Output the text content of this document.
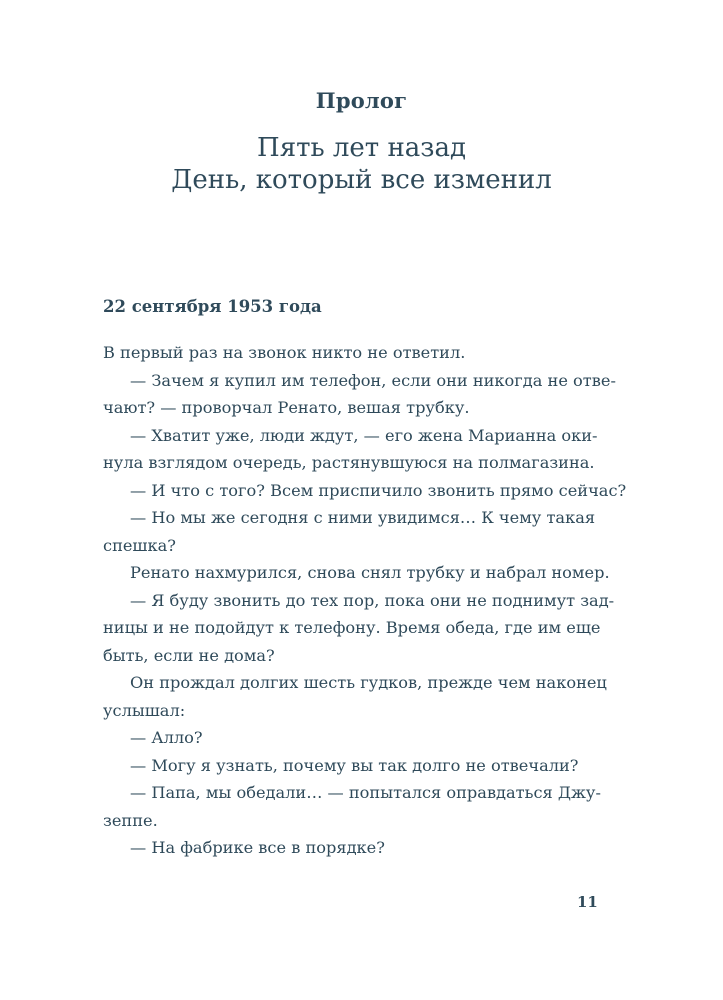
Пролог
Пять лет назад
День, который все изменил
22 сентября 1953 года
В первый раз на звонок никто не ответил.
— Зачем я купил им телефон, если они никогда не отве-
чают? — проворчал Ренато, вешая трубку.
— Хватит уже, люди ждут, — его жена Марианна оки-
нула взглядом очередь, растянувшуюся на полмагазина.
— И что с того? Всем приспичило звонить прямо сейчас?
— Но мы же сегодня с ними увидимся… К чему такая
спешка?
Ренато нахмурился, снова снял трубку и набрал номер.
— Я буду звонить до тех пор, пока они не поднимут зад-
ницы и не подойдут к телефону. Время обеда, где им еще
быть, если не дома?
Он прождал долгих шесть гудков, прежде чем наконец
услышал:
— Алло?
— Могу я узнать, почему вы так долго не отвечали?
— Папа, мы обедали… — попытался оправдаться Джу-
зеппе.
— На фабрике все в порядке?
11
